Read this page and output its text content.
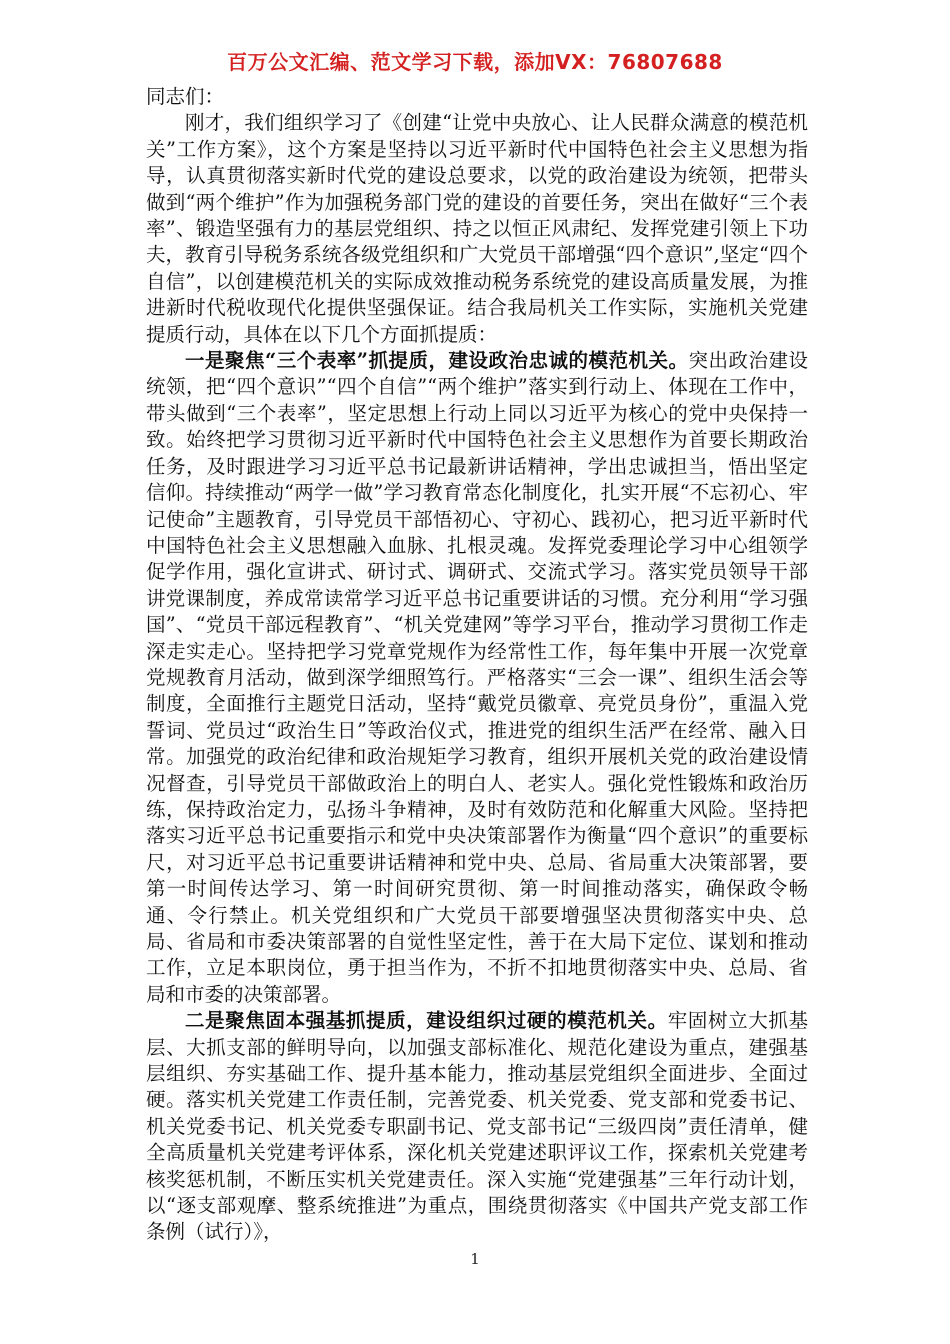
百万公文汇编、范文学习下载，添加VX：76807688

同志们：

刚才，我们组织学习了《创建“让党中央放心、让人民群众满意的模范机关”工作方案》，这个方案是坚持以习近平新时代中国特色社会主义思想为指导，认真贯彻落实新时代党的建设总要求，以党的政治建设为统领，把带头做到“两个维护”作为加强税务部门党的建设的首要任务，突出在做好“三个表率”、锻造坚强有力的基层党组织、持之以恒正风肃纪、发挥党建引领上下功夫，教育引导税务系统各级党组织和广大党员干部增强“四个意识”,坚定“四个自信”，以创建模范机关的实际成效推动税务系统党的建设高质量发展，为推进新时代税收现代化提供坚强保证。结合我局机关工作实际，实施机关党建提质行动，具体在以下几个方面抓提质：

一是聚焦“三个表率”抓提质，建设政治忠诚的模范机关。突出政治建设统领，把“四个意识”“四个自信”“两个维护”落实到行动上、体现在工作中，带头做到“三个表率”，坚定思想上行动上同以习近平为核心的党中央保持一致。始终把学习贯彻习近平新时代中国特色社会主义思想作为首要长期政治任务，及时跟进学习习近平总书记最新讲话精神，学出忠诚担当，悟出坚定信仰。持续推动“两学一做”学习教育常态化制度化，扎实开展“不忘初心、牢记使命”主题教育，引导党员干部悟初心、守初心、践初心，把习近平新时代中国特色社会主义思想融入血脉、扎根灵魂。发挥党委理论学习中心组领学促学作用，强化宣讲式、研讨式、调研式、交流式学习。落实党员领导干部讲党课制度，养成常读常学习近平总书记重要讲话的习惯。充分利用“学习强国”、“党员干部远程教育”、“机关党建网”等学习平台，推动学习贯彻工作走深走实走心。坚持把学习党章党规作为经常性工作，每年集中开展一次党章党规教育月活动，做到深学细照笃行。严格落实“三会一课”、组织生活会等制度，全面推行主题党日活动，坚持“戴党员徽章、亮党员身份”，重温入党誓词、党员过“政治生日”等政治仪式，推进党的组织生活严在经常、融入日常。加强党的政治纪律和政治规矩学习教育，组织开展机关党的政治建设情况督查，引导党员干部做政治上的明白人、老实人。强化党性锻炼和政治历练，保持政治定力，弘扬斗争精神，及时有效防范和化解重大风险。坚持把落实习近平总书记重要指示和党中央决策部署作为衡量“四个意识”的重要标尺，对习近平总书记重要讲话精神和党中央、总局、省局重大决策部署，要第一时间传达学习、第一时间研究贯彻、第一时间推动落实，确保政令畅通、令行禁止。机关党组织和广大党员干部要增强坚决贯彻落实中央、总局、省局和市委决策部署的自觉性坚定性，善于在大局下定位、谋划和推动工作，立足本职岗位，勇于担当作为，不折不扣地贯彻落实中央、总局、省局和市委的决策部署。

二是聚焦固本强基抓提质，建设组织过硬的模范机关。牢固树立大抓基层、大抓支部的鲜明导向，以加强支部标准化、规范化建设为重点，建强基层组织、夯实基础工作、提升基本能力，推动基层党组织全面进步、全面过硬。落实机关党建工作责任制，完善党委、机关党委、党支部和党委书记、机关党委书记、机关党委专职副书记、党支部书记“三级四岗”责任清单，健全高质量机关党建考评体系，深化机关党建述职评议工作，探索机关党建考核奖惩机制，不断压实机关党建责任。深入实施“党建强基”三年行动计划，以“逐支部观摩、整系统推进”为重点，围绕贯彻落实《中国共产党支部工作条例（试行）》，

1
